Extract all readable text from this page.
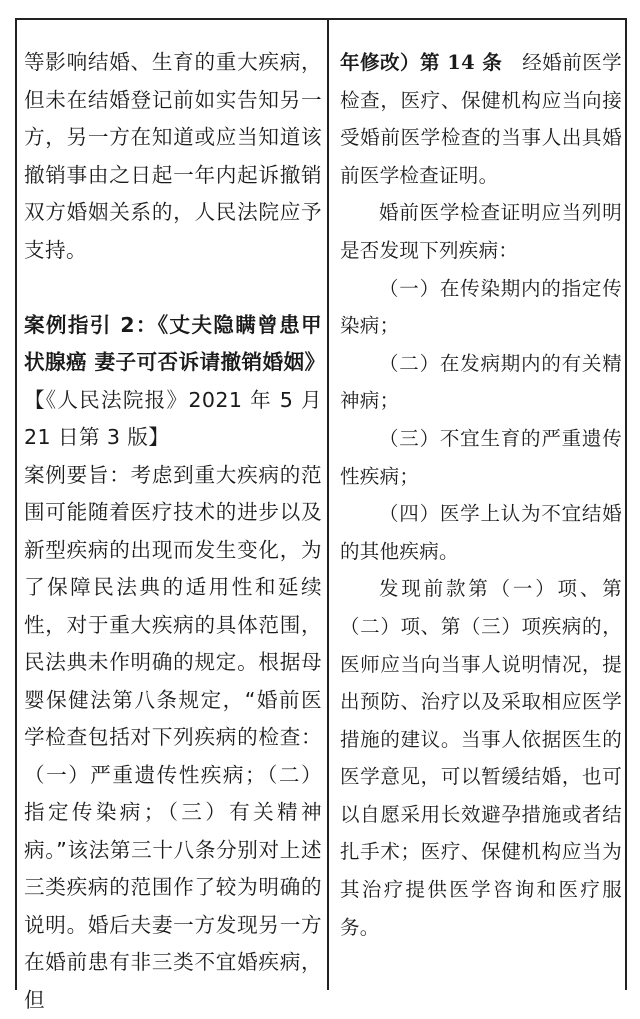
等影响结婚、生育的重大疾病，但未在结婚登记前如实告知另一方，另一方在知道或应当知道该撤销事由之日起一年内起诉撤销双方婚姻关系的，人民法院应予支持。

案例指引 2：《丈夫隐瞒曾患甲状腺癌 妻子可否诉请撤销婚姻》

【《人民法院报》2021 年 5 月 21 日第 3 版】

案例要旨：考虑到重大疾病的范围可能随着医疗技术的进步以及新型疾病的出现而发生变化，为了保障民法典的适用性和延续性，对于重大疾病的具体范围，民法典未作明确的规定。根据母婴保健法第八条规定，“婚前医学检查包括对下列疾病的检查：（一）严重遗传性疾病；（二）指定传染病；（三）有关精神病。”该法第三十八条分别对上述三类疾病的范围作了较为明确的说明。婚后夫妻一方发现另一方在婚前患有非三类不宜婚疾病，但

年修改）第 14 条　经婚前医学检查，医疗、保健机构应当向接受婚前医学检查的当事人出具婚前医学检查证明。

婚前医学检查证明应当列明是否发现下列疾病：

（一）在传染期内的指定传染病；

（二）在发病期内的有关精神病；

（三）不宜生育的严重遗传性疾病；

（四）医学上认为不宜结婚的其他疾病。

发现前款第（一）项、第（二）项、第（三）项疾病的，医师应当向当事人说明情况，提出预防、治疗以及采取相应医学措施的建议。当事人依据医生的医学意见，可以暂缓结婚，也可以自愿采用长效避孕措施或者结扎手术；医疗、保健机构应当为其治疗提供医学咨询和医疗服务。
